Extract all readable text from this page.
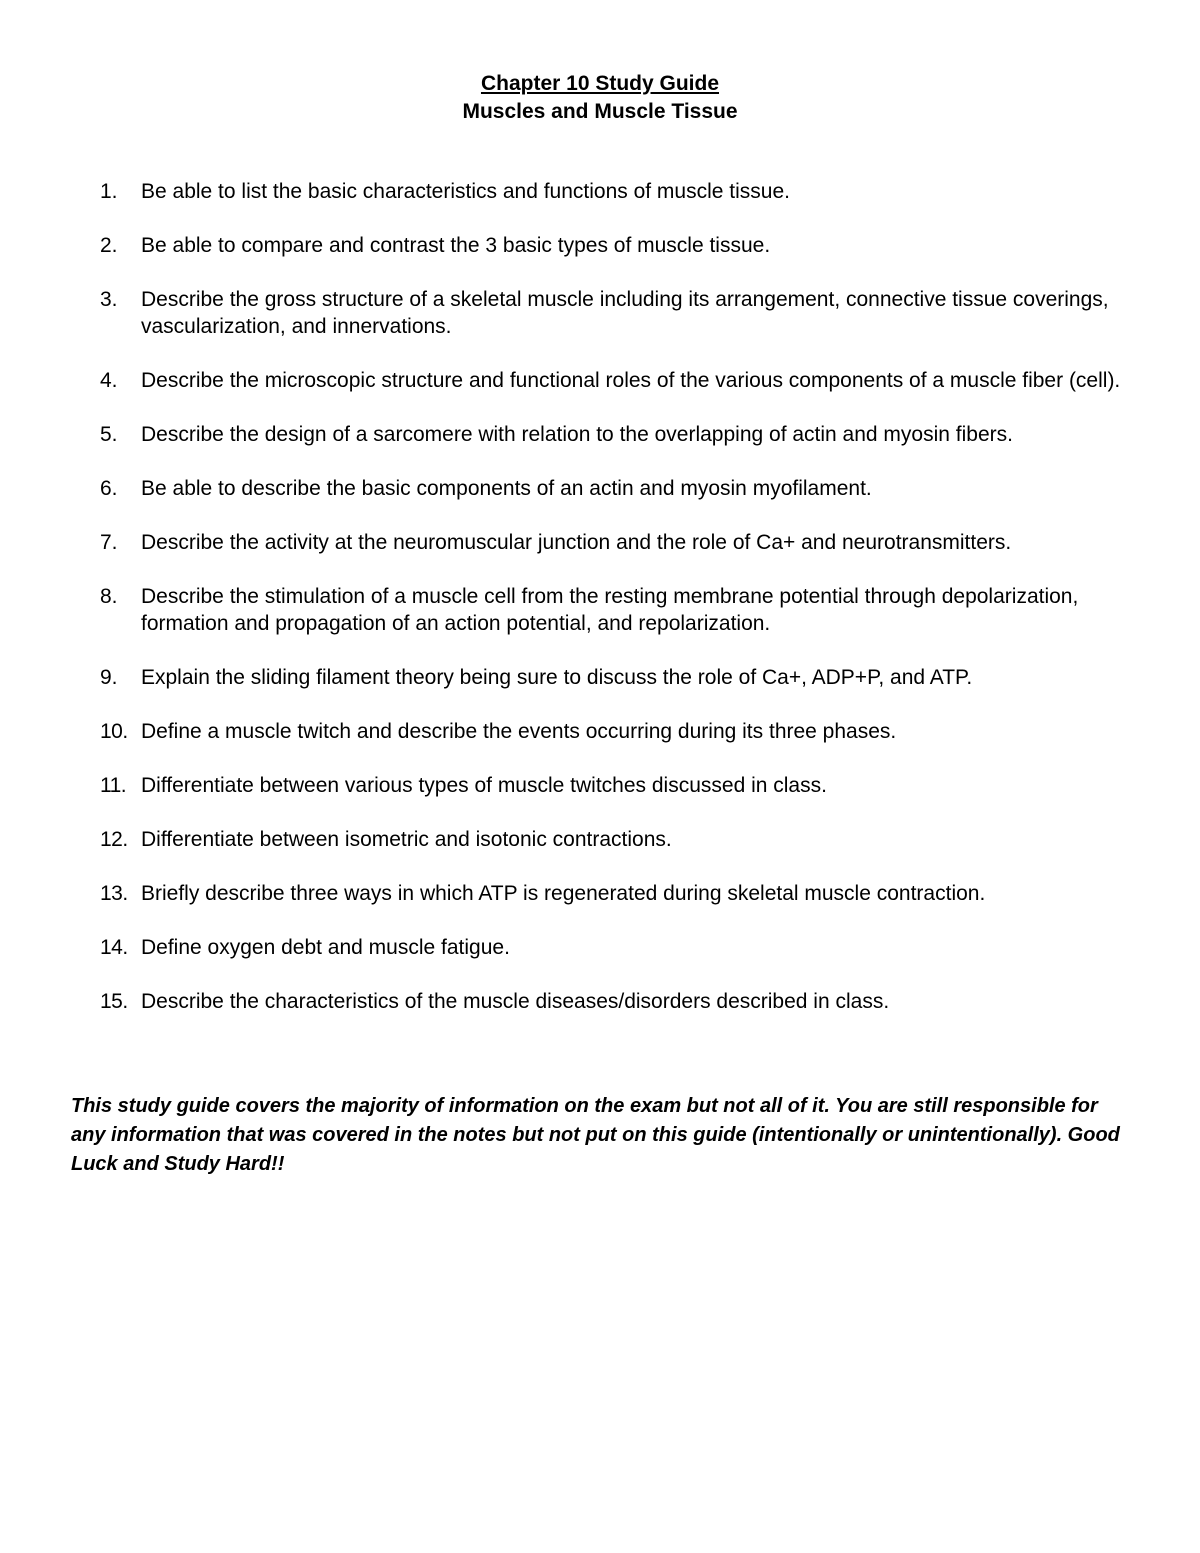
Chapter 10 Study Guide
Muscles and Muscle Tissue
1.	Be able to list the basic characteristics and functions of muscle tissue.
2.	Be able to compare and contrast the 3 basic types of muscle tissue.
3.	Describe the gross structure of a skeletal muscle including its arrangement, connective tissue coverings, vascularization, and innervations.
4.	Describe the microscopic structure and functional roles of the various components of a muscle fiber (cell).
5.	Describe the design of a sarcomere with relation to the overlapping of actin and myosin fibers.
6.	Be able to describe the basic components of an actin and myosin myofilament.
7.	Describe the activity at the neuromuscular junction and the role of Ca+ and neurotransmitters.
8.	Describe the stimulation of a muscle cell from the resting membrane potential through depolarization, formation and propagation of an action potential, and repolarization.
9.	Explain the sliding filament theory being sure to discuss the role of Ca+, ADP+P, and ATP.
10. Define a muscle twitch and describe the events occurring during its three phases.
11. Differentiate between various types of muscle twitches discussed in class.
12. Differentiate between isometric and isotonic contractions.
13. Briefly describe three ways in which ATP is regenerated during skeletal muscle contraction.
14. Define oxygen debt and muscle fatigue.
15. Describe the characteristics of the muscle diseases/disorders described in class.

This study guide covers the majority of information on the exam but not all of it. You are still responsible for any information that was covered in the notes but not put on this guide (intentionally or unintentionally). Good Luck and Study Hard!!
